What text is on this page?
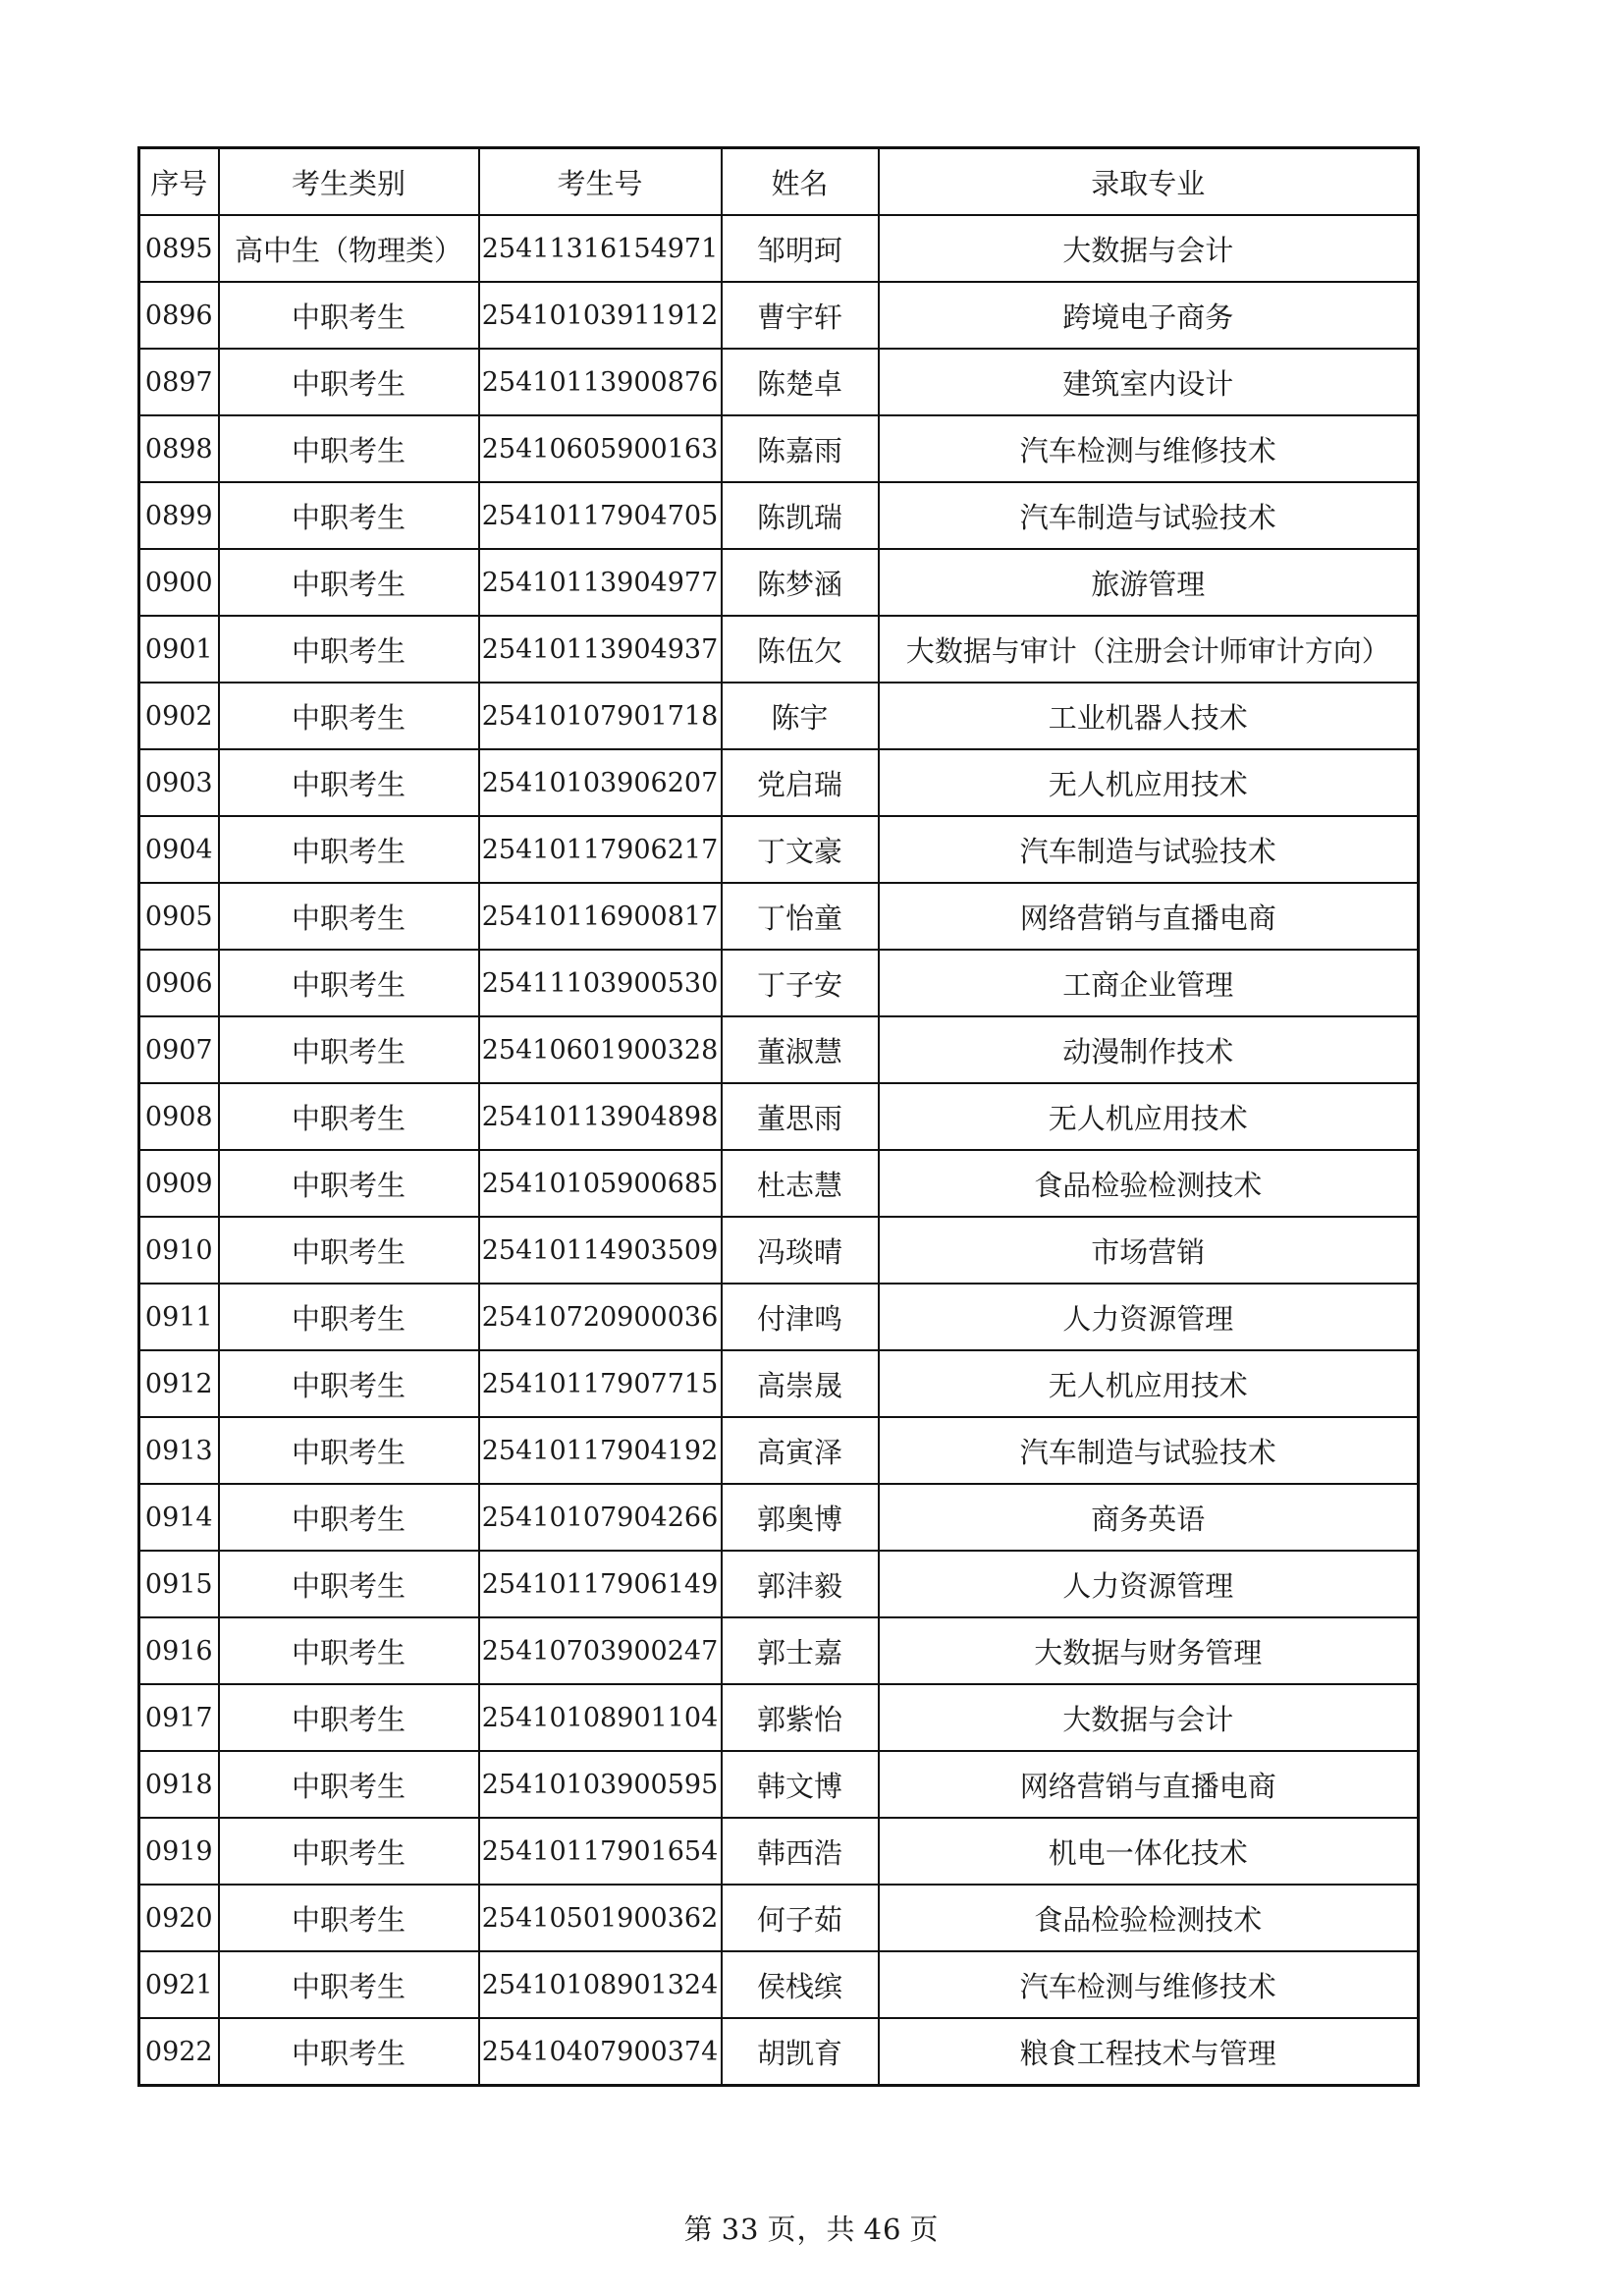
序号	考生类别	考生号	姓名	录取专业
0895	高中生（物理类）	25411316154971	邹明珂	大数据与会计
0896	中职考生	25410103911912	曹宇轩	跨境电子商务
0897	中职考生	25410113900876	陈楚卓	建筑室内设计
0898	中职考生	25410605900163	陈嘉雨	汽车检测与维修技术
0899	中职考生	25410117904705	陈凯瑞	汽车制造与试验技术
0900	中职考生	25410113904977	陈梦涵	旅游管理
0901	中职考生	25410113904937	陈伍欠	大数据与审计（注册会计师审计方向）
0902	中职考生	25410107901718	陈宇	工业机器人技术
0903	中职考生	25410103906207	党启瑞	无人机应用技术
0904	中职考生	25410117906217	丁文豪	汽车制造与试验技术
0905	中职考生	25410116900817	丁怡童	网络营销与直播电商
0906	中职考生	25411103900530	丁子安	工商企业管理
0907	中职考生	25410601900328	董淑慧	动漫制作技术
0908	中职考生	25410113904898	董思雨	无人机应用技术
0909	中职考生	25410105900685	杜志慧	食品检验检测技术
0910	中职考生	25410114903509	冯琰晴	市场营销
0911	中职考生	25410720900036	付津鸣	人力资源管理
0912	中职考生	25410117907715	高崇晟	无人机应用技术
0913	中职考生	25410117904192	高寅泽	汽车制造与试验技术
0914	中职考生	25410107904266	郭奥博	商务英语
0915	中职考生	25410117906149	郭沣毅	人力资源管理
0916	中职考生	25410703900247	郭士嘉	大数据与财务管理
0917	中职考生	25410108901104	郭紫怡	大数据与会计
0918	中职考生	25410103900595	韩文博	网络营销与直播电商
0919	中职考生	25410117901654	韩西浩	机电一体化技术
0920	中职考生	25410501900362	何子茹	食品检验检测技术
0921	中职考生	25410108901324	侯栈缤	汽车检测与维修技术
0922	中职考生	25410407900374	胡凯育	粮食工程技术与管理
第 33 页，共 46 页
